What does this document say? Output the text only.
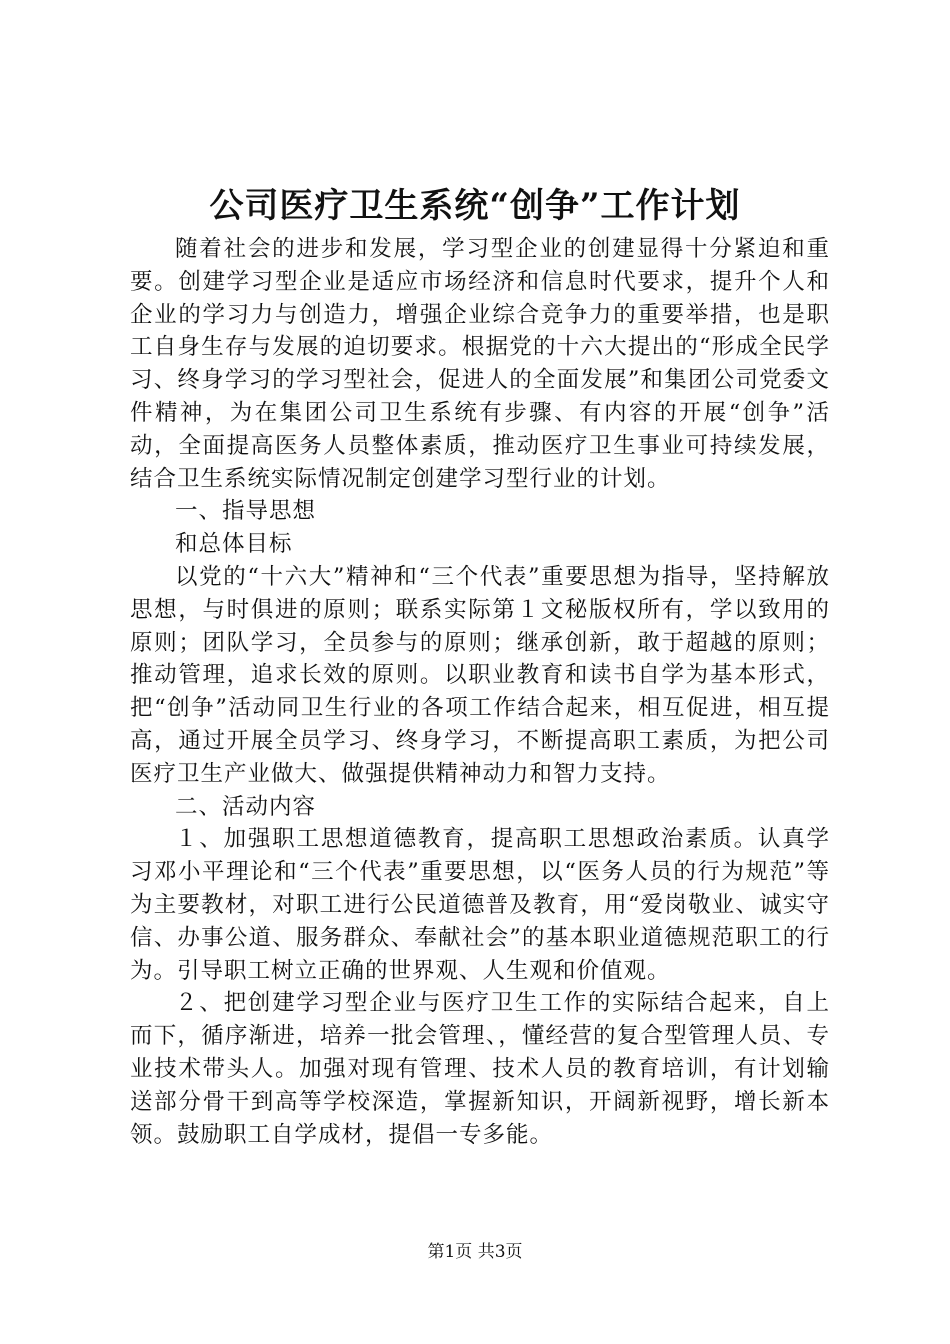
公司医疗卫生系统“创争”工作计划

随着社会的进步和发展，学习型企业的创建显得十分紧迫和重要。创建学习型企业是适应市场经济和信息时代要求，提升个人和企业的学习力与创造力，增强企业综合竞争力的重要举措，也是职工自身生存与发展的迫切要求。根据党的十六大提出的“形成全民学习、终身学习的学习型社会，促进人的全面发展”和集团公司党委文件精神，为在集团公司卫生系统有步骤、有内容的开展“创争”活动，全面提高医务人员整体素质，推动医疗卫生事业可持续发展，结合卫生系统实际情况制定创建学习型行业的计划。

一、指导思想

和总体目标

以党的“十六大”精神和“三个代表”重要思想为指导，坚持解放思想，与时俱进的原则；联系实际第１文秘版权所有，学以致用的原则；团队学习，全员参与的原则；继承创新，敢于超越的原则；推动管理，追求长效的原则。以职业教育和读书自学为基本形式，把“创争”活动同卫生行业的各项工作结合起来，相互促进，相互提高，通过开展全员学习、终身学习，不断提高职工素质，为把公司医疗卫生产业做大、做强提供精神动力和智力支持。

二、活动内容

１、加强职工思想道德教育，提高职工思想政治素质。认真学习邓小平理论和“三个代表”重要思想，以“医务人员的行为规范”等为主要教材，对职工进行公民道德普及教育，用“爱岗敬业、诚实守信、办事公道、服务群众、奉献社会”的基本职业道德规范职工的行为。引导职工树立正确的世界观、人生观和价值观。

２、把创建学习型企业与医疗卫生工作的实际结合起来，自上而下，循序渐进，培养一批会管理、，懂经营的复合型管理人员、专业技术带头人。加强对现有管理、技术人员的教育培训，有计划输送部分骨干到高等学校深造，掌握新知识，开阔新视野，增长新本领。鼓励职工自学成材，提倡一专多能。

第1页 共3页
